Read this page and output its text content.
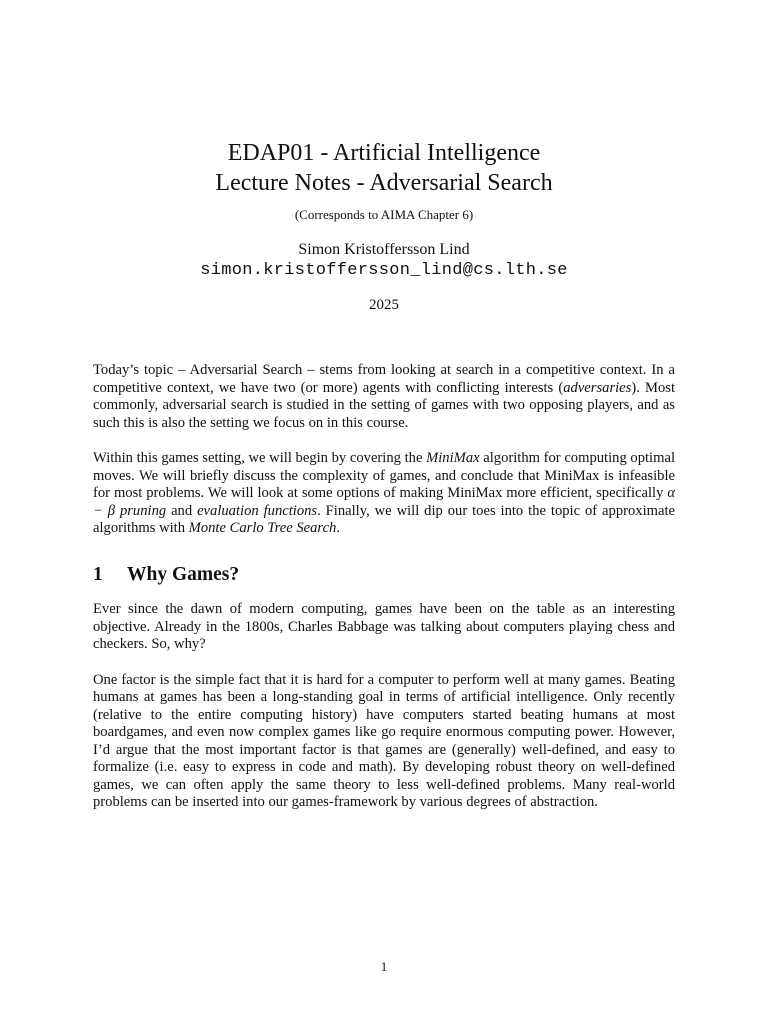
EDAP01 - Artificial Intelligence
Lecture Notes - Adversarial Search
(Corresponds to AIMA Chapter 6)
Simon Kristoffersson Lind
simon.kristoffersson_lind@cs.lth.se
2025

Today’s topic – Adversarial Search – stems from looking at search in a competitive context. In a competitive context, we have two (or more) agents with conflicting interests (adversaries). Most commonly, adversarial search is studied in the setting of games with two opposing players, and as such this is also the setting we focus on in this course.

Within this games setting, we will begin by covering the MiniMax algorithm for computing optimal moves. We will briefly discuss the complexity of games, and conclude that MiniMax is infeasible for most problems. We will look at some options of making MiniMax more efficient, specifically α − β pruning and evaluation functions. Finally, we will dip our toes into the topic of approximate algorithms with Monte Carlo Tree Search.

1 Why Games?

Ever since the dawn of modern computing, games have been on the table as an interesting objective. Already in the 1800s, Charles Babbage was talking about computers playing chess and checkers. So, why?

One factor is the simple fact that it is hard for a computer to perform well at many games. Beating humans at games has been a long-standing goal in terms of artificial intelligence. Only recently (relative to the entire computing history) have computers started beating humans at most boardgames, and even now complex games like go require enormous computing power. However, I’d argue that the most important factor is that games are (generally) well-defined, and easy to formalize (i.e. easy to express in code and math). By developing robust theory on well-defined games, we can often apply the same theory to less well-defined problems. Many real-world problems can be inserted into our games-framework by various degrees of abstraction.

1
